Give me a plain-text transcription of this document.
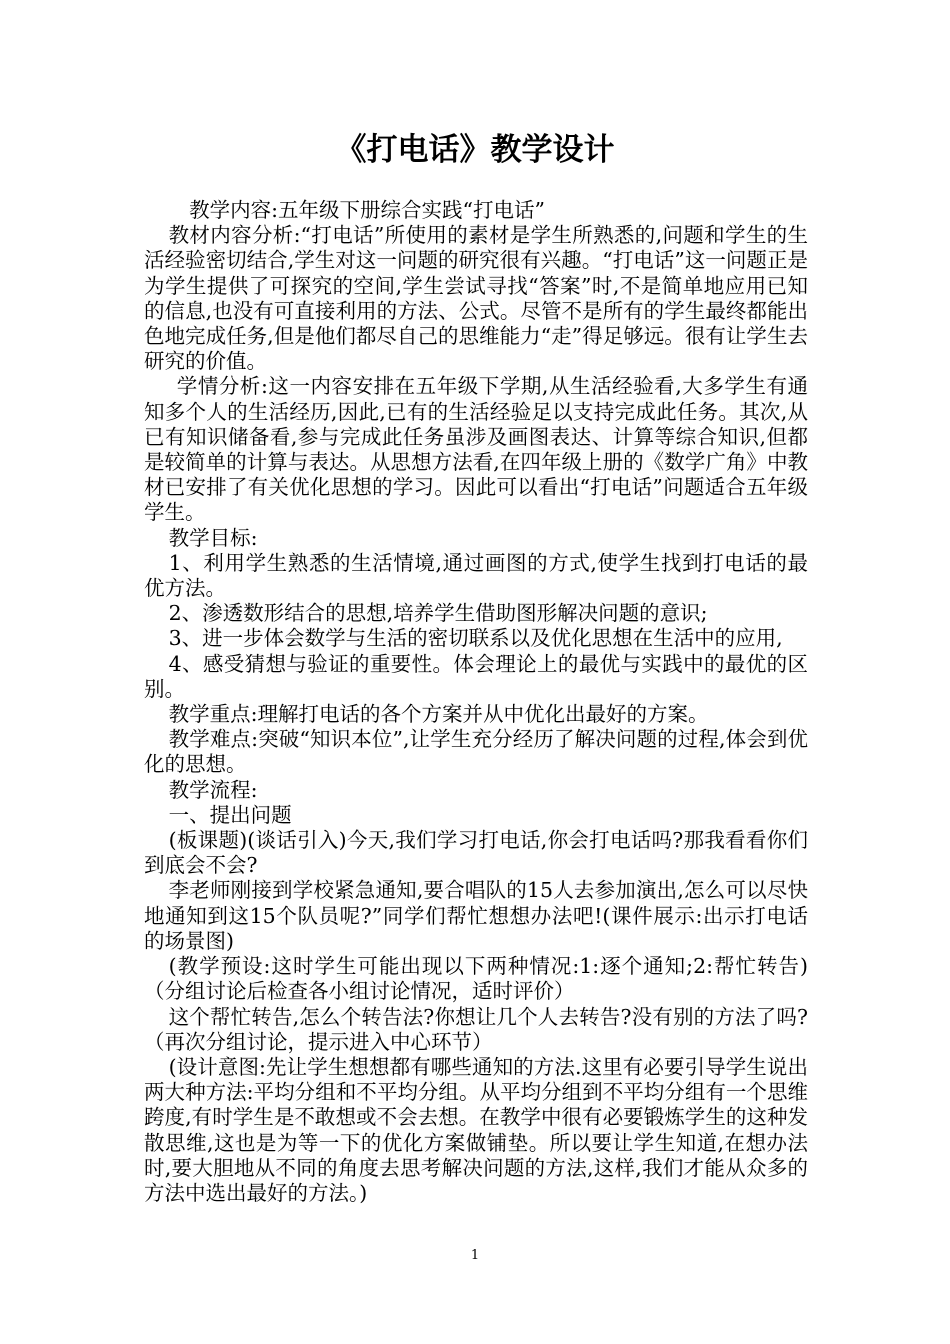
《打电话》教学设计

教学内容:五年级下册综合实践“打电话”

教材内容分析:“打电话”所使用的素材是学生所熟悉的,问题和学生的生活经验密切结合,学生对这一问题的研究很有兴趣。“打电话”这一问题正是为学生提供了可探究的空间,学生尝试寻找“答案”时,不是简单地应用已知的信息,也没有可直接利用的方法、公式。尽管不是所有的学生最终都能出色地完成任务,但是他们都尽自己的思维能力“走”得足够远。很有让学生去研究的价值。

学情分析:这一内容安排在五年级下学期,从生活经验看,大多学生有通知多个人的生活经历,因此,已有的生活经验足以支持完成此任务。其次,从已有知识储备看,参与完成此任务虽涉及画图表达、计算等综合知识,但都是较简单的计算与表达。从思想方法看,在四年级上册的《数学广角》中教材已安排了有关优化思想的学习。因此可以看出“打电话”问题适合五年级学生。

教学目标:

1、利用学生熟悉的生活情境,通过画图的方式,使学生找到打电话的最优方法。

2、渗透数形结合的思想,培养学生借助图形解决问题的意识;

3、进一步体会数学与生活的密切联系以及优化思想在生活中的应用,

4、感受猜想与验证的重要性。体会理论上的最优与实践中的最优的区别。

教学重点:理解打电话的各个方案并从中优化出最好的方案。

教学难点:突破“知识本位”,让学生充分经历了解决问题的过程,体会到优化的思想。

教学流程:

一、提出问题

(板课题)(谈话引入)今天,我们学习打电话,你会打电话吗?那我看看你们到底会不会?

李老师刚接到学校紧急通知,要合唱队的15人去参加演出,怎么可以尽快地通知到这15个队员呢?”同学们帮忙想想办法吧!(课件展示:出示打电话的场景图)

(教学预设:这时学生可能出现以下两种情况:1:逐个通知;2:帮忙转告) （分组讨论后检查各小组讨论情况，适时评价）

这个帮忙转告,怎么个转告法?你想让几个人去转告?没有别的方法了吗?（再次分组讨论，提示进入中心环节）

(设计意图:先让学生想想都有哪些通知的方法.这里有必要引导学生说出两大种方法:平均分组和不平均分组。从平均分组到不平均分组有一个思维跨度,有时学生是不敢想或不会去想。在教学中很有必要锻炼学生的这种发散思维,这也是为等一下的优化方案做铺垫。所以要让学生知道,在想办法时,要大胆地从不同的角度去思考解决问题的方法,这样,我们才能从众多的方法中选出最好的方法。)

1
